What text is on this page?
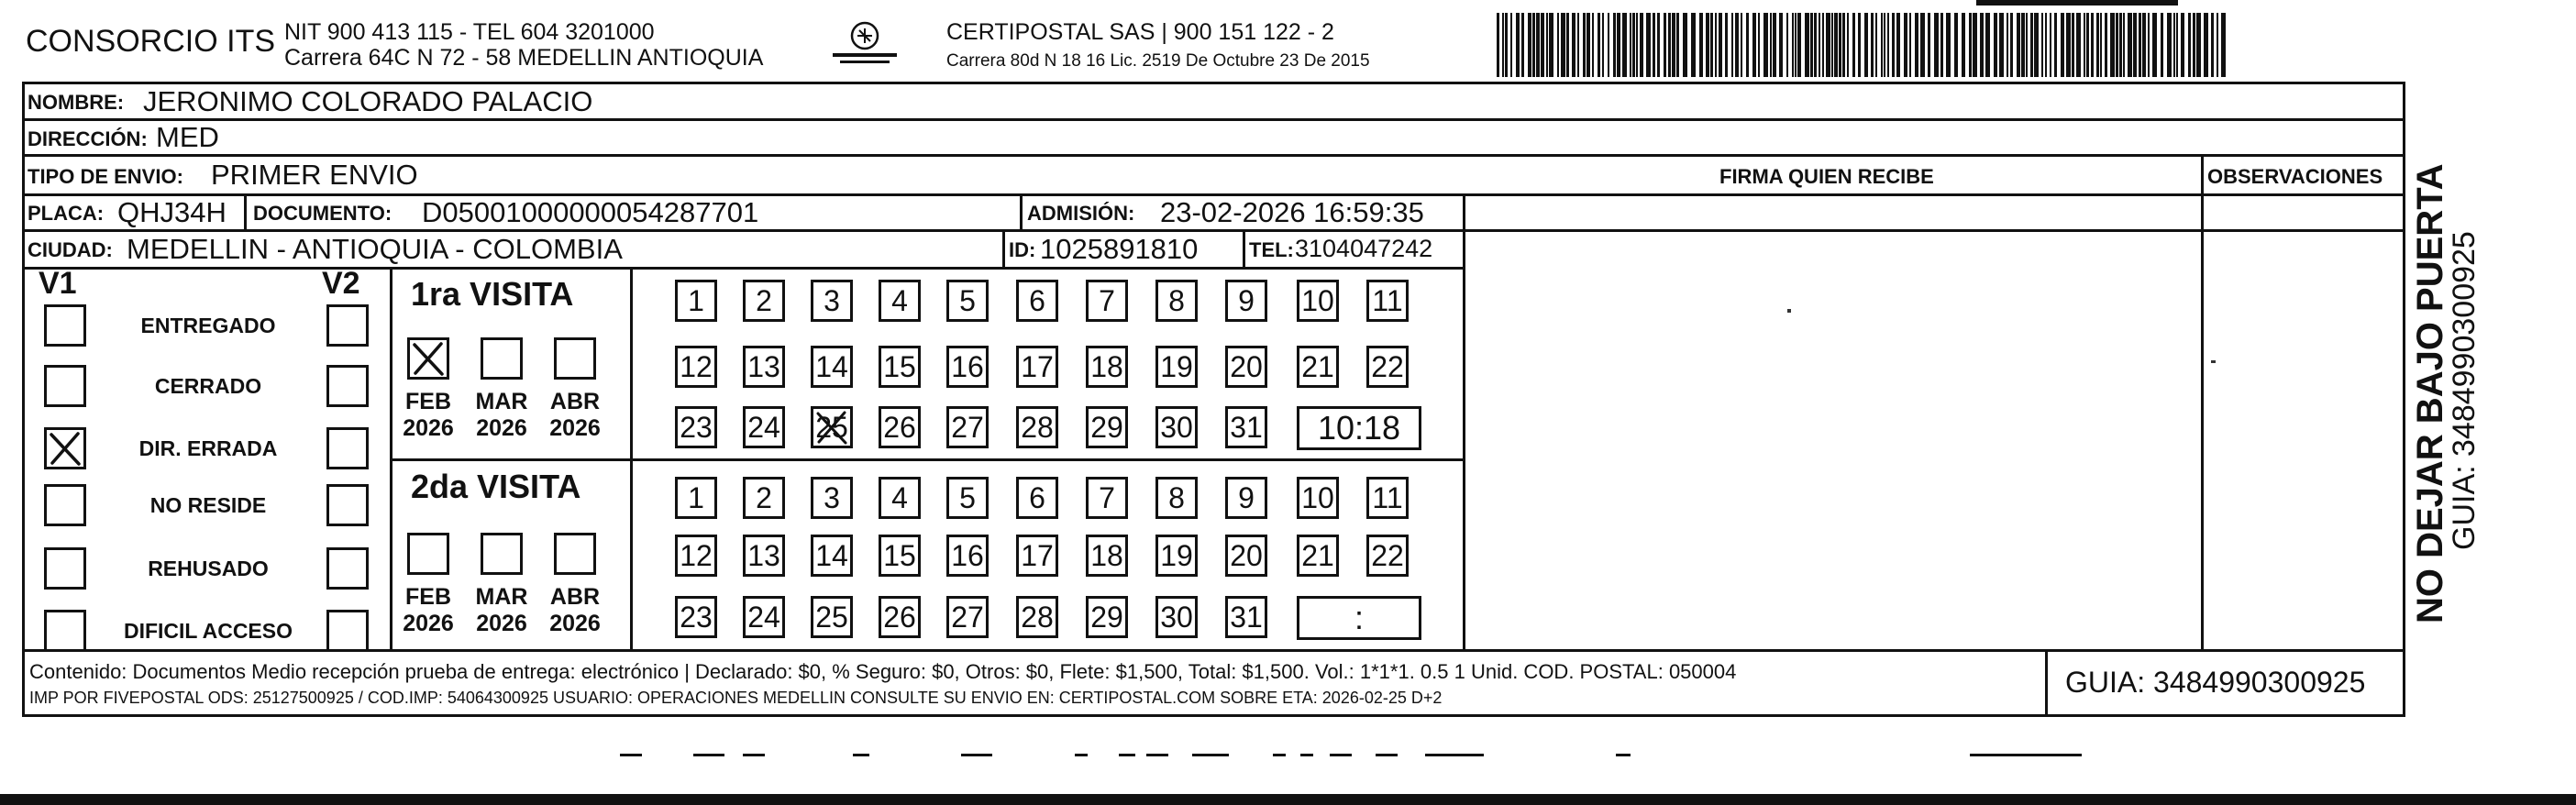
CONSORCIO ITS NIT 900 413 115 - TEL 604 3201000
Carrera 64C N 72 - 58 MEDELLIN ANTIOQUIA
CERTIPOSTAL SAS | 900 151 122 - 2
Carrera 80d N 18 16 Lic. 2519 De Octubre 23 De 2015
NOMBRE: JERONIMO COLORADO PALACIO
DIRECCIÓN: MED
TIPO DE ENVIO: PRIMER ENVIO
PLACA: QHJ34H DOCUMENTO: D05001000000054287701	ADMISIÓN: 23-02-2026 16:59:35
CIUDAD: MEDELLIN - ANTIOQUIA - COLOMBIA	ID: 1025891810	TEL: 3104047242
FIRMA QUIEN RECIBE	OBSERVACIONES
V1	V2
ENTREGADO
CERRADO
DIR. ERRADA
NO RESIDE
REHUSADO
DIFICIL ACCESO
1ra VISITA
FEB
2026
MAR
2026
ABR
2026
1	2	3	4	5	6	7	8	9	10 11
12 13 14 15 16 17 18 19 20 21 22
23 24 25 26 27 28 29 30 31	10:18
2da VISITA
FEB
2026
MAR
2026
ABR
2026
1	2	3	4	5	6	7	8	9	10 11
12 13 14 15 16 17 18 19 20 21 22
23 24 25 26 27 28 29 30 31	:
Contenido: Documentos Medio recepción prueba de entrega: electrónico | Declarado: $0, % Seguro: $0, Otros: $0, Flete: $1,500, Total: $1,500. Vol.: 1*1*1. 0.5 1 Unid. COD. POSTAL: 050004
IMP POR FIVEPOSTAL ODS: 25127500925 / COD.IMP: 54064300925 USUARIO: OPERACIONES MEDELLIN CONSULTE SU ENVIO EN: CERTIPOSTAL.COM SOBRE ETA: 2026-02-25 D+2	GUIA: 3484990300925
NO DEJAR BAJO PUERTA
GUIA: 3484990300925
